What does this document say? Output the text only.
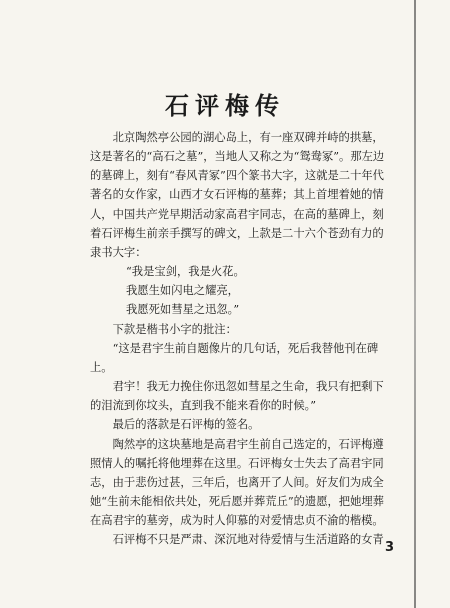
石评梅传

北京陶然亭公园的湖心岛上，有一座双碑并峙的拱墓，这是著名的“高石之墓”，当地人又称之为“鸳鸯冢”。那左边的墓碑上，刻有“春风青冢”四个篆书大字，这就是二十年代著名的女作家，山西才女石评梅的墓葬；其上首埋着她的情人，中国共产党早期活动家高君宇同志，在高的墓碑上，刻着石评梅生前亲手撰写的碑文，上款是二十六个苍劲有力的隶书大字：

“我是宝剑，我是火花。
我愿生如闪电之耀亮，
我愿死如彗星之迅忽。”

下款是楷书小字的批注：

“这是君宇生前自题像片的几句话，死后我替他刊在碑上。

君宇！我无力挽住你迅忽如彗星之生命，我只有把剩下的泪流到你坟头，直到我不能来看你的时候。”

最后的落款是石评梅的签名。

陶然亭的这块墓地是高君宇生前自己选定的，石评梅遵照情人的嘱托将他埋葬在这里。石评梅女士失去了高君宇同志，由于悲伤过甚，三年后，也离开了人间。好友们为成全她“生前未能相依共处，死后愿并葬荒丘”的遗愿，把她埋葬在高君宇的墓旁，成为时人仰慕的对爱情忠贞不渝的楷模。

石评梅不只是严肃、深沉地对待爱情与生活道路的女青

3
